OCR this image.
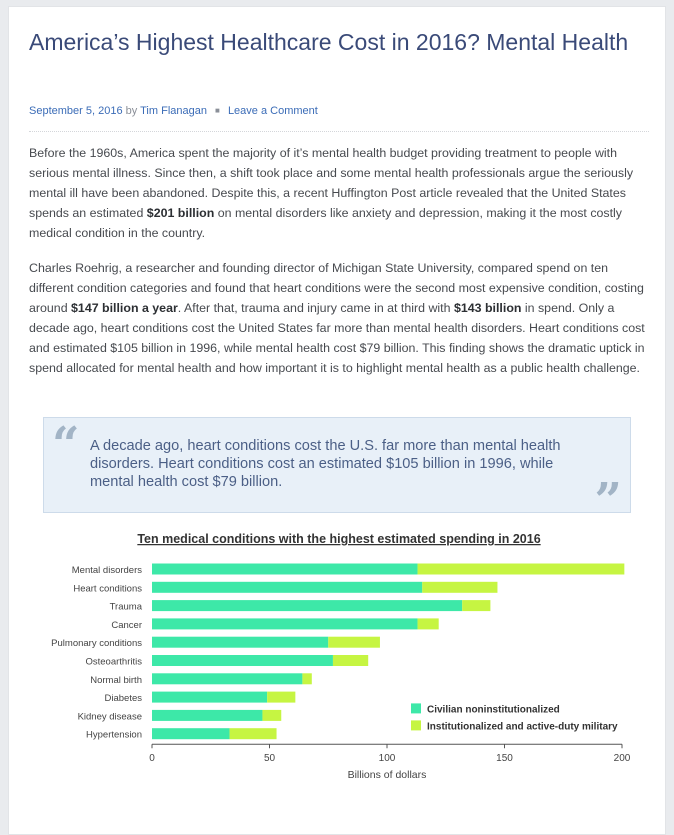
America’s Highest Healthcare Cost in 2016? Mental Health
September 5, 2016 by Tim Flanagan ■ Leave a Comment

Before the 1960s, America spent the majority of it’s mental health budget providing treatment to people with serious mental illness. Since then, a shift took place and some mental health professionals argue the seriously mental ill have been abandoned. Despite this, a recent Huffington Post article revealed that the United States spends an estimated $201 billion on mental disorders like anxiety and depression, making it the most costly medical condition in the country.

Charles Roehrig, a researcher and founding director of Michigan State University, compared spend on ten different condition categories and found that heart conditions were the second most expensive condition, costing around $147 billion a year. After that, trauma and injury came in at third with $143 billion in spend. Only a decade ago, heart conditions cost the United States far more than mental health disorders. Heart conditions cost and estimated $105 billion in 1996, while mental health cost $79 billion. This finding shows the dramatic uptick in spend allocated for mental health and how important it is to highlight mental health as a public health challenge.

“ A decade ago, heart conditions cost the U.S. far more than mental health disorders. Heart conditions cost an estimated $105 billion in 1996, while mental health cost $79 billion.	”
Ten medical conditions with the highest estimated spending in 2016
Mental disorders
Heart conditions
Trauma
Cancer
Pulmonary conditions
Osteoarthritis
Normal birth
Diabetes
Kidney disease
Hypertension
0	50	100	150	200
Billions of dollars
Civilian noninstitutionalized
Institutionalized and active-duty military
